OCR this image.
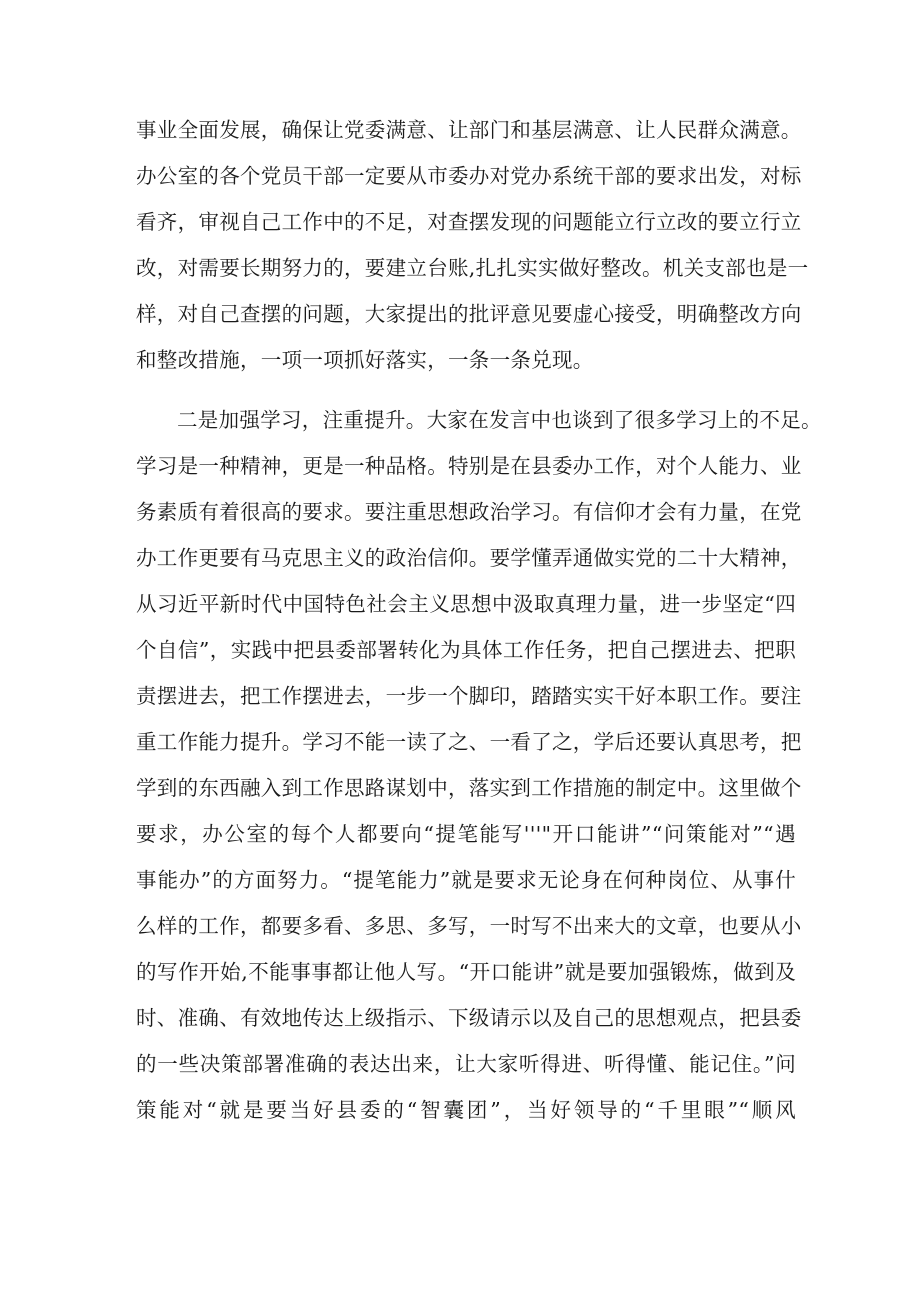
事业全面发展，确保让党委满意、让部门和基层满意、让人民群众满意。
办公室的各个党员干部一定要从市委办对党办系统干部的要求出发，对标
看齐，审视自己工作中的不足，对查摆发现的问题能立行立改的要立行立
改，对需要长期努力的，要建立台账,扎扎实实做好整改。机关支部也是一
样，对自己查摆的问题，大家提出的批评意见要虚心接受，明确整改方向
和整改措施，一项一项抓好落实，一条一条兑现。
二是加强学习，注重提升。大家在发言中也谈到了很多学习上的不足。
学习是一种精神，更是一种品格。特别是在县委办工作，对个人能力、业
务素质有着很高的要求。要注重思想政治学习。有信仰才会有力量，在党
办工作更要有马克思主义的政治信仰。要学懂弄通做实党的二十大精神，
从习近平新时代中国特色社会主义思想中汲取真理力量，进一步坚定“四
个自信”，实践中把县委部署转化为具体工作任务，把自己摆进去、把职
责摆进去，把工作摆进去，一步一个脚印，踏踏实实干好本职工作。要注
重工作能力提升。学习不能一读了之、一看了之，学后还要认真思考，把
学到的东西融入到工作思路谋划中，落实到工作措施的制定中。这里做个
要求，办公室的每个人都要向“提笔能写'''"开口能讲”“问策能对”“遇
事能办”的方面努力。“提笔能力”就是要求无论身在何种岗位、从事什
么样的工作，都要多看、多思、多写，一时写不出来大的文章，也要从小
的写作开始,不能事事都让他人写。“开口能讲”就是要加强锻炼，做到及
时、准确、有效地传达上级指示、下级请示以及自己的思想观点，把县委
的一些决策部署准确的表达出来，让大家听得进、听得懂、能记住。”问
策能对“就是要当好县委的“智囊团”，当好领导的“千里眼”“顺风
